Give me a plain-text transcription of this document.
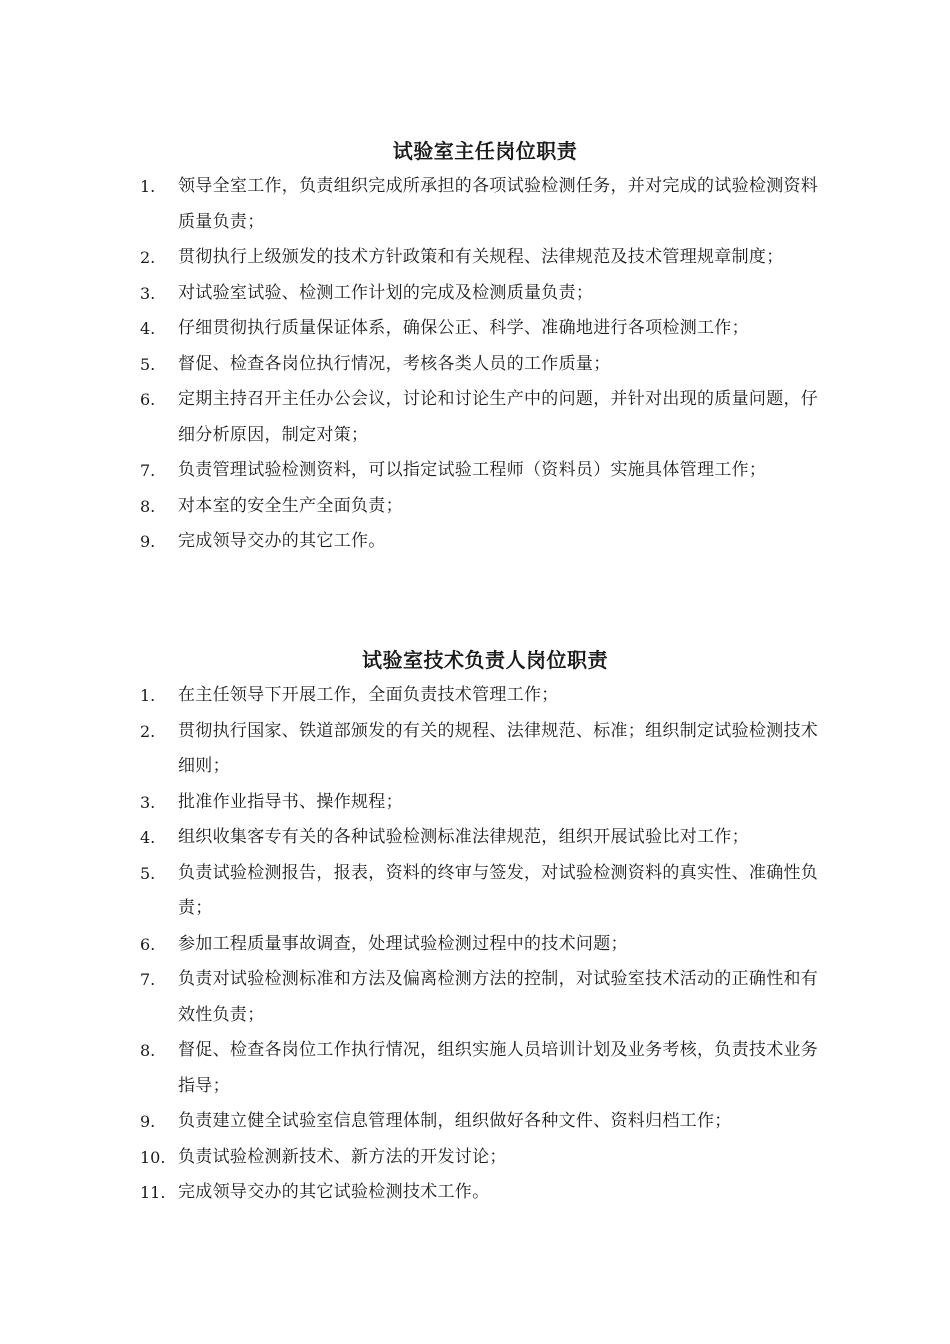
试验室主任岗位职责
1.	领导全室工作，负责组织完成所承担的各项试验检测任务，并对完成的试验检测资料质量负责；
2.	贯彻执行上级颁发的技术方针政策和有关规程、法律规范及技术管理规章制度；
3.	对试验室试验、检测工作计划的完成及检测质量负责；
4.	仔细贯彻执行质量保证体系，确保公正、科学、准确地进行各项检测工作；
5.	督促、检查各岗位执行情况，考核各类人员的工作质量；
6.	定期主持召开主任办公会议，讨论和讨论生产中的问题，并针对出现的质量问题，仔细分析原因，制定对策；
7.	负责管理试验检测资料，可以指定试验工程师（资料员）实施具体管理工作；
8.	对本室的安全生产全面负责；
9.	完成领导交办的其它工作。
试验室技术负责人岗位职责
1.	在主任领导下开展工作，全面负责技术管理工作；
2.	贯彻执行国家、铁道部颁发的有关的规程、法律规范、标准；组织制定试验检测技术细则；
3.	批准作业指导书、操作规程；
4.	组织收集客专有关的各种试验检测标准法律规范，组织开展试验比对工作；
5.	负责试验检测报告，报表，资料的终审与签发，对试验检测资料的真实性、准确性负责；
6.	参加工程质量事故调查，处理试验检测过程中的技术问题；
7.	负责对试验检测标准和方法及偏离检测方法的控制，对试验室技术活动的正确性和有效性负责；
8.	督促、检查各岗位工作执行情况，组织实施人员培训计划及业务考核，负责技术业务指导；
9.	负责建立健全试验室信息管理体制，组织做好各种文件、资料归档工作；
10. 负责试验检测新技术、新方法的开发讨论；
11. 完成领导交办的其它试验检测技术工作。
